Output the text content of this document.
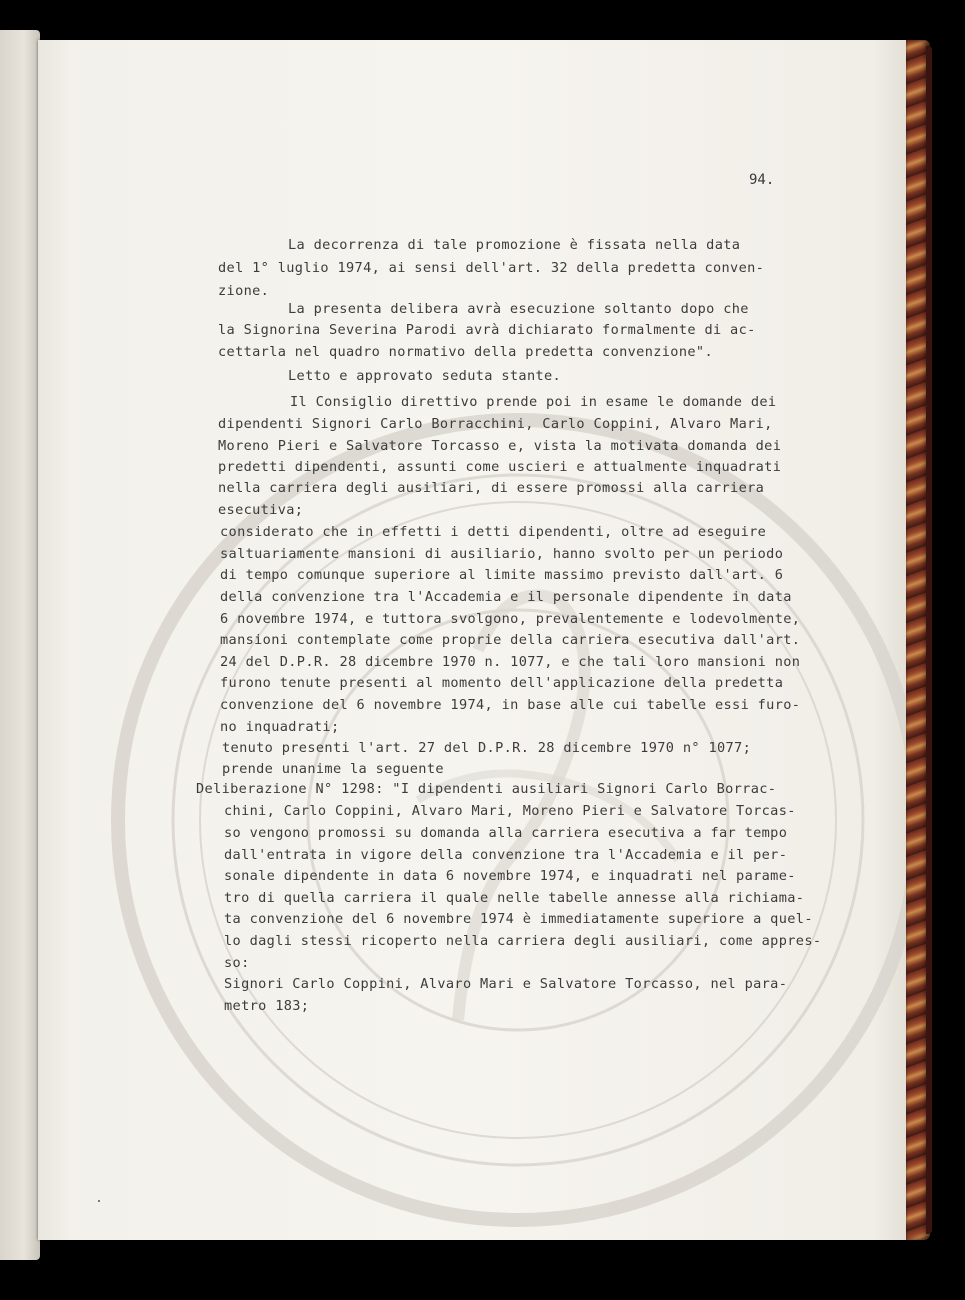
94.
La decorrenza di tale promozione è fissata nella data
del 1° luglio 1974, ai sensi dell'art. 32 della predetta conven-
zione.
La presenta delibera avrà esecuzione soltanto dopo che
la Signorina Severina Parodi avrà dichiarato formalmente di ac-
cettarla nel quadro normativo della predetta convenzione".
Letto e approvato seduta stante.
Il Consiglio direttivo prende poi in esame le domande dei
dipendenti Signori Carlo Borracchini, Carlo Coppini, Alvaro Mari,
Moreno Pieri e Salvatore Torcasso e, vista la motivata domanda dei
predetti dipendenti, assunti come uscieri e attualmente inquadrati
nella carriera degli ausiliari, di essere promossi alla carriera
esecutiva;
considerato che in effetti i detti dipendenti, oltre ad eseguire
saltuariamente mansioni di ausiliario, hanno svolto per un periodo
di tempo comunque superiore al limite massimo previsto dall'art. 6
della convenzione tra l'Accademia e il personale dipendente in data
6 novembre 1974, e tuttora svolgono, prevalentemente e lodevolmente,
mansioni contemplate come proprie della carriera esecutiva dall'art.
24 del D.P.R. 28 dicembre 1970 n. 1077, e che tali loro mansioni non
furono tenute presenti al momento dell'applicazione della predetta
convenzione del 6 novembre 1974, in base alle cui tabelle essi furo-
no inquadrati;
tenuto presenti l'art. 27 del D.P.R. 28 dicembre 1970 n° 1077;
prende unanime la seguente
Deliberazione N° 1298: "I dipendenti ausiliari Signori Carlo Borrac-
chini, Carlo Coppini, Alvaro Mari, Moreno Pieri e Salvatore Torcas-
so vengono promossi su domanda alla carriera esecutiva a far tempo
dall'entrata in vigore della convenzione tra l'Accademia e il per-
sonale dipendente in data 6 novembre 1974, e inquadrati nel parame-
tro di quella carriera il quale nelle tabelle annesse alla richiama-
ta convenzione del 6 novembre 1974 è immediatamente superiore a quel-
lo dagli stessi ricoperto nella carriera degli ausiliari, come appres-
so:
Signori Carlo Coppini, Alvaro Mari e Salvatore Torcasso, nel para-
metro 183;
